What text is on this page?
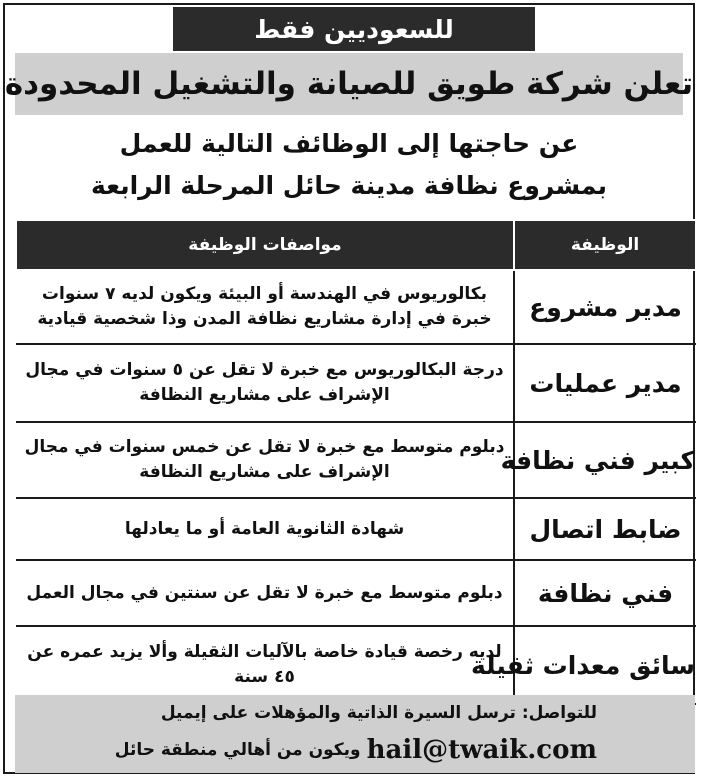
للسعوديين فقط
تعلن شركة طويق للصيانة والتشغيل المحدودة
عن حاجتها إلى الوظائف التالية للعمل
بمشروع نظافة مدينة حائل المرحلة الرابعة
الوظيفة	مواصفات الوظيفة
مدير مشروع	بكالوريوس في الهندسة أو البيئة ويكون لديه ٧ سنوات خبرة في إدارة مشاريع نظافة المدن وذا شخصية قيادية
مدير عمليات	درجة البكالوريوس مع خبرة لا تقل عن ٥ سنوات في مجال الإشراف على مشاريع النظافة
كبير فني نظافة	دبلوم متوسط مع خبرة لا تقل عن خمس سنوات في مجال الإشراف على مشاريع النظافة
ضابط اتصال	شهادة الثانوية العامة أو ما يعادلها
فني نظافة	دبلوم متوسط مع خبرة لا تقل عن سنتين في مجال العمل
سائق معدات ثقيلة	لديه رخصة قيادة خاصة بالآليات الثقيلة وألا يزيد عمره عن ٤٥ سنة
للتواصل: ترسل السيرة الذاتية والمؤهلات على إيميل
hail@twaik.com
ويكون من أهالي منطقة حائل
